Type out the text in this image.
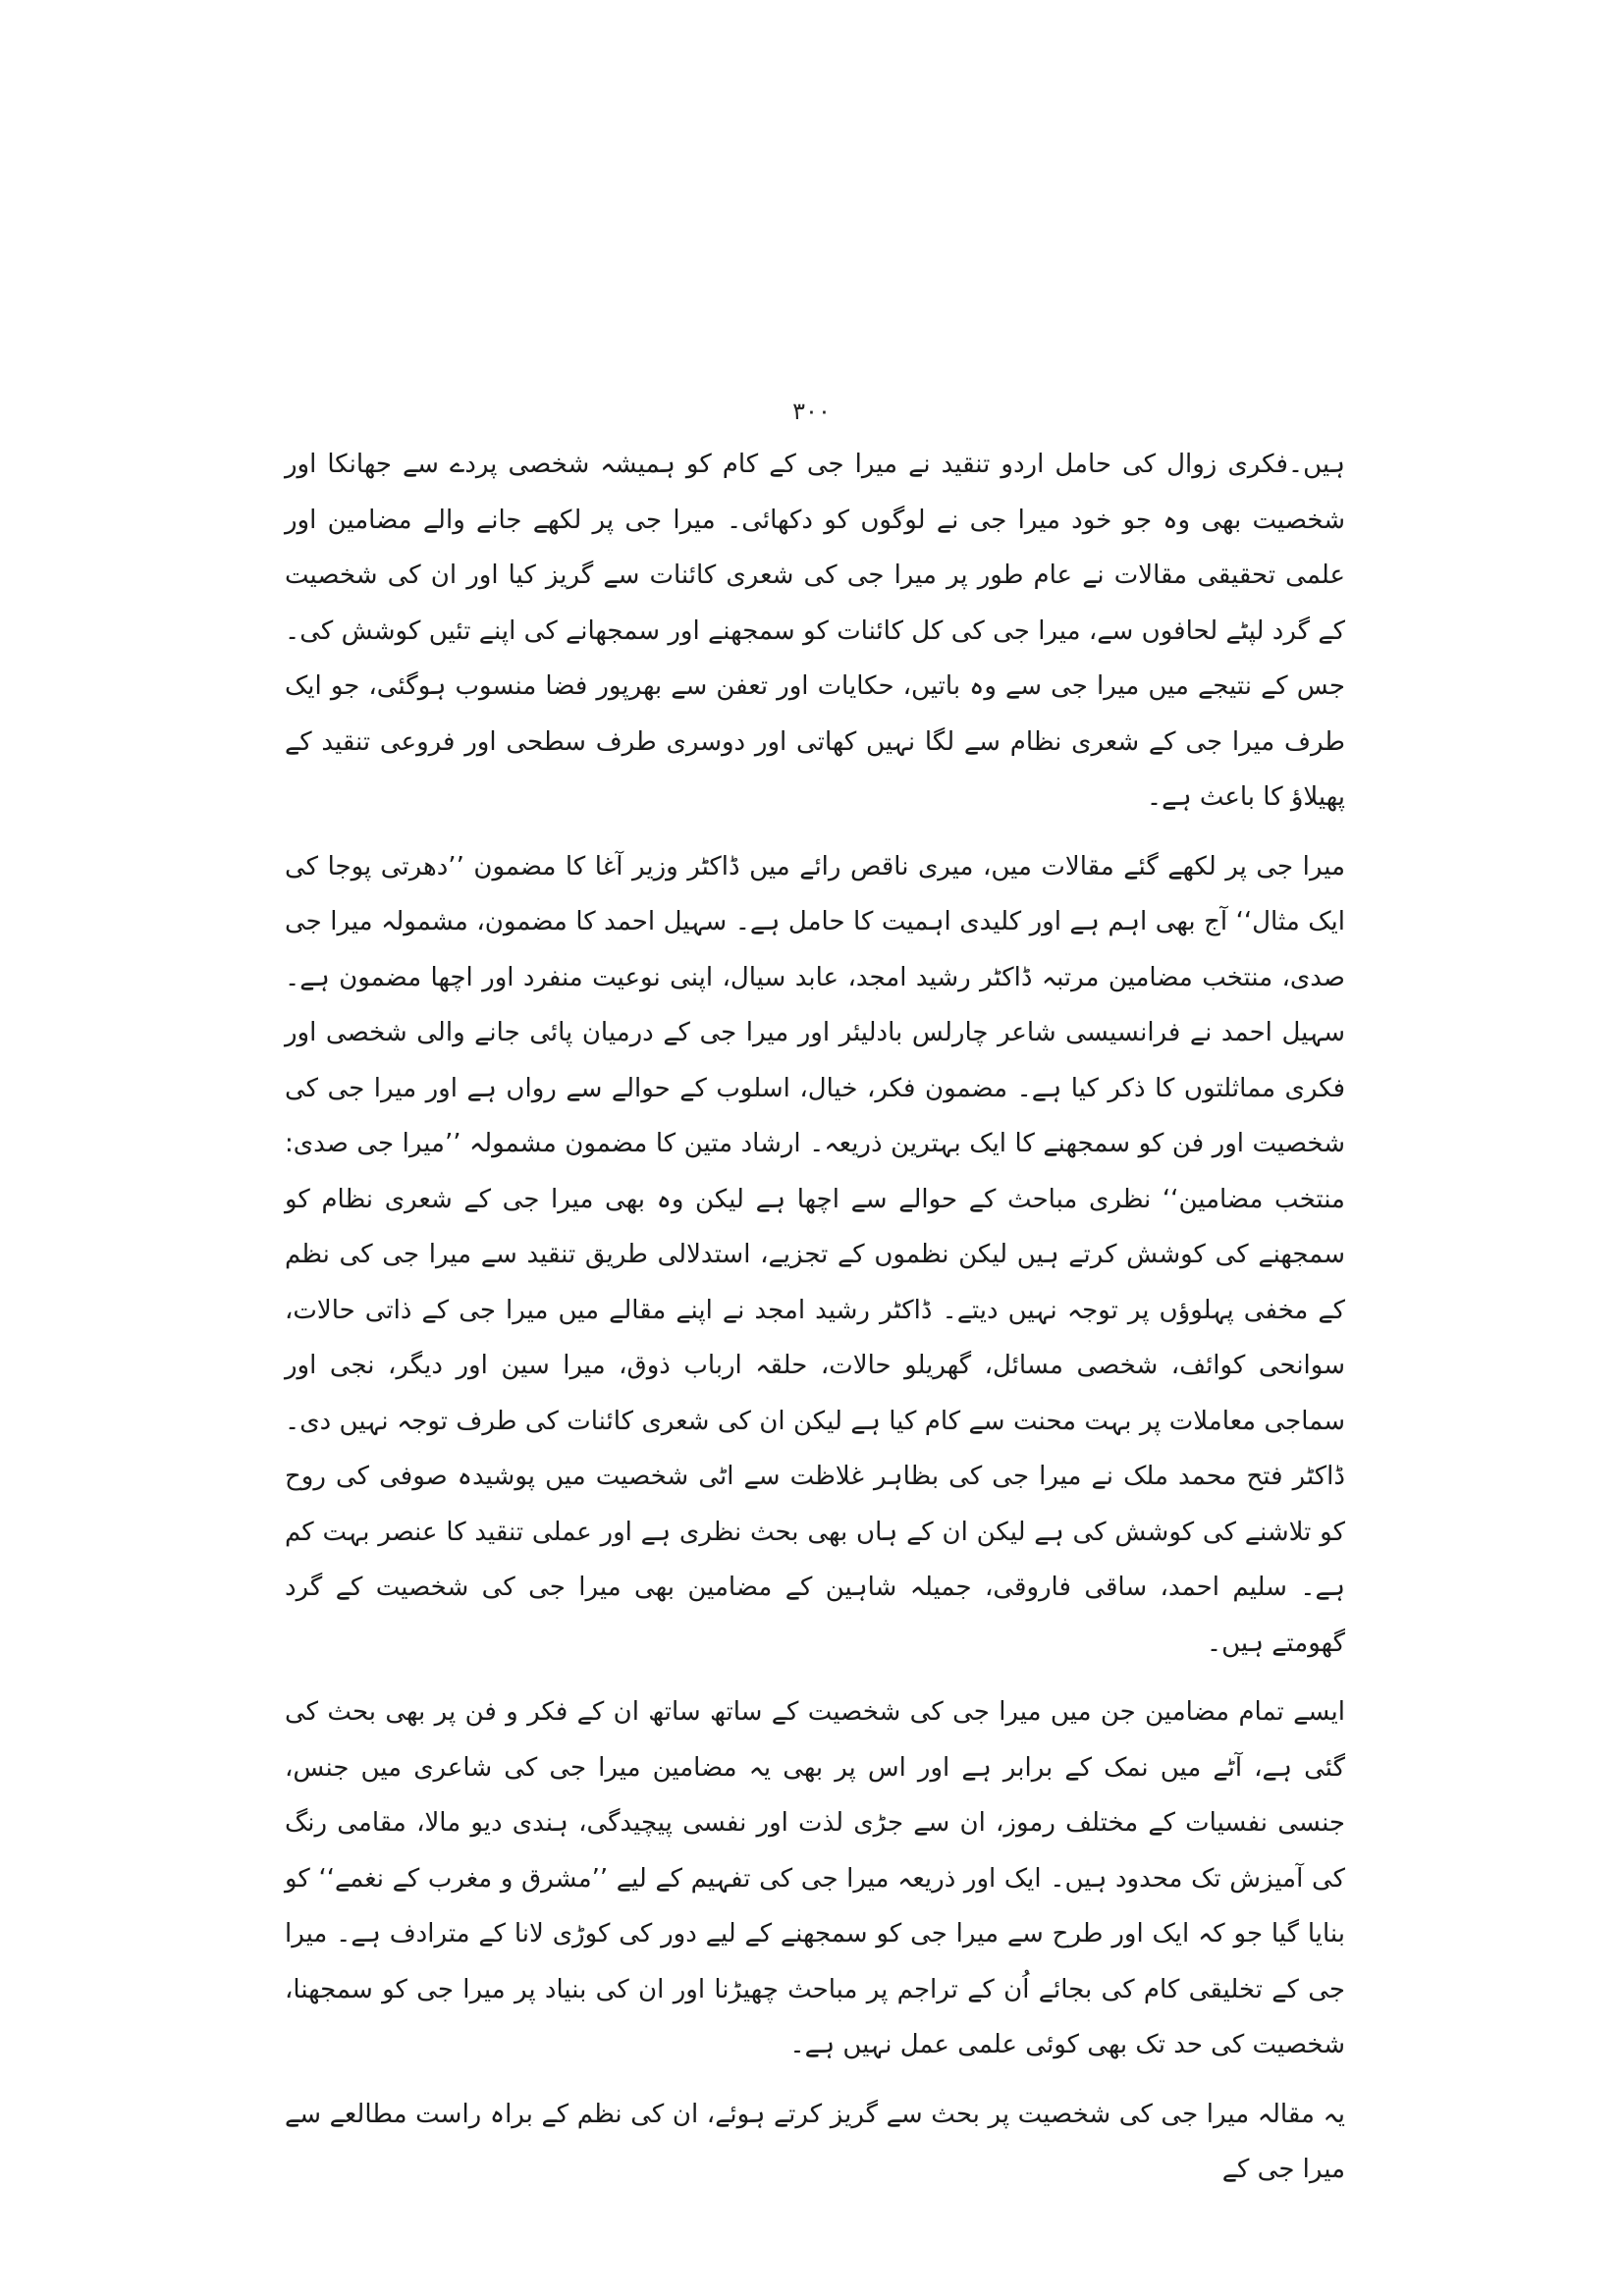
۳۰۰

ہیں۔فکری زوال کی حامل اردو تنقید نے میرا جی کے کام کو ہمیشہ شخصی پردے سے جھانکا اور شخصیت بھی وہ جو خود میرا جی نے لوگوں کو دکھائی۔ میرا جی پر لکھے جانے والے مضامین اور علمی تحقیقی مقالات نے عام طور پر میرا جی کی شعری کائنات سے گریز کیا اور ان کی شخصیت کے گرد لپٹے لحافوں سے، میرا جی کی کل کائنات کو سمجھنے اور سمجھانے کی اپنے تئیں کوشش کی۔ جس کے نتیجے میں میرا جی سے وہ باتیں، حکایات اور تعفن سے بھرپور فضا منسوب ہوگئی، جو ایک طرف میرا جی کے شعری نظام سے لگا نہیں کھاتی اور دوسری طرف سطحی اور فروعی تنقید کے پھیلاؤ کا باعث ہے۔

میرا جی پر لکھے گئے مقالات میں، میری ناقص رائے میں ڈاکٹر وزیر آغا کا مضمون ’’دھرتی پوجا کی ایک مثال‘‘ آج بھی اہم ہے اور کلیدی اہمیت کا حامل ہے۔ سہیل احمد کا مضمون، مشمولہ میرا جی صدی، منتخب مضامین مرتبہ ڈاکٹر رشید امجد، عابد سیال، اپنی نوعیت منفرد اور اچھا مضمون ہے۔ سہیل احمد نے فرانسیسی شاعر چارلس بادلیئر اور میرا جی کے درمیان پائی جانے والی شخصی اور فکری مماثلتوں کا ذکر کیا ہے۔ مضمون فکر، خیال، اسلوب کے حوالے سے رواں ہے اور میرا جی کی شخصیت اور فن کو سمجھنے کا ایک بہترین ذریعہ۔ ارشاد متین کا مضمون مشمولہ ’’میرا جی صدی: منتخب مضامین‘‘ نظری مباحث کے حوالے سے اچھا ہے لیکن وہ بھی میرا جی کے شعری نظام کو سمجھنے کی کوشش کرتے ہیں لیکن نظموں کے تجزیے، استدلالی طریق تنقید سے میرا جی کی نظم کے مخفی پہلوؤں پر توجہ نہیں دیتے۔ ڈاکٹر رشید امجد نے اپنے مقالے میں میرا جی کے ذاتی حالات، سوانحی کوائف، شخصی مسائل، گھریلو حالات، حلقہ ارباب ذوق، میرا سین اور دیگر، نجی اور سماجی معاملات پر بہت محنت سے کام کیا ہے لیکن ان کی شعری کائنات کی طرف توجہ نہیں دی۔ ڈاکٹر فتح محمد ملک نے میرا جی کی بظاہر غلاظت سے اٹی شخصیت میں پوشیدہ صوفی کی روح کو تلاشنے کی کوشش کی ہے لیکن ان کے ہاں بھی بحث نظری ہے اور عملی تنقید کا عنصر بہت کم ہے۔ سلیم احمد، ساقی فاروقی، جمیلہ شاہین کے مضامین بھی میرا جی کی شخصیت کے گرد گھومتے ہیں۔

ایسے تمام مضامین جن میں میرا جی کی شخصیت کے ساتھ ساتھ ان کے فکر و فن پر بھی بحث کی گئی ہے، آٹے میں نمک کے برابر ہے اور اس پر بھی یہ مضامین میرا جی کی شاعری میں جنس، جنسی نفسیات کے مختلف رموز، ان سے جڑی لذت اور نفسی پیچیدگی، ہندی دیو مالا، مقامی رنگ کی آمیزش تک محدود ہیں۔ ایک اور ذریعہ میرا جی کی تفہیم کے لیے ’’مشرق و مغرب کے نغمے‘‘ کو بنایا گیا جو کہ ایک اور طرح سے میرا جی کو سمجھنے کے لیے دور کی کوڑی لانا کے مترادف ہے۔ میرا جی کے تخلیقی کام کی بجائے اُن کے تراجم پر مباحث چھیڑنا اور ان کی بنیاد پر میرا جی کو سمجھنا، شخصیت کی حد تک بھی کوئی علمی عمل نہیں ہے۔

یہ مقالہ میرا جی کی شخصیت پر بحث سے گریز کرتے ہوئے، ان کی نظم کے براہ راست مطالعے سے میرا جی کے
